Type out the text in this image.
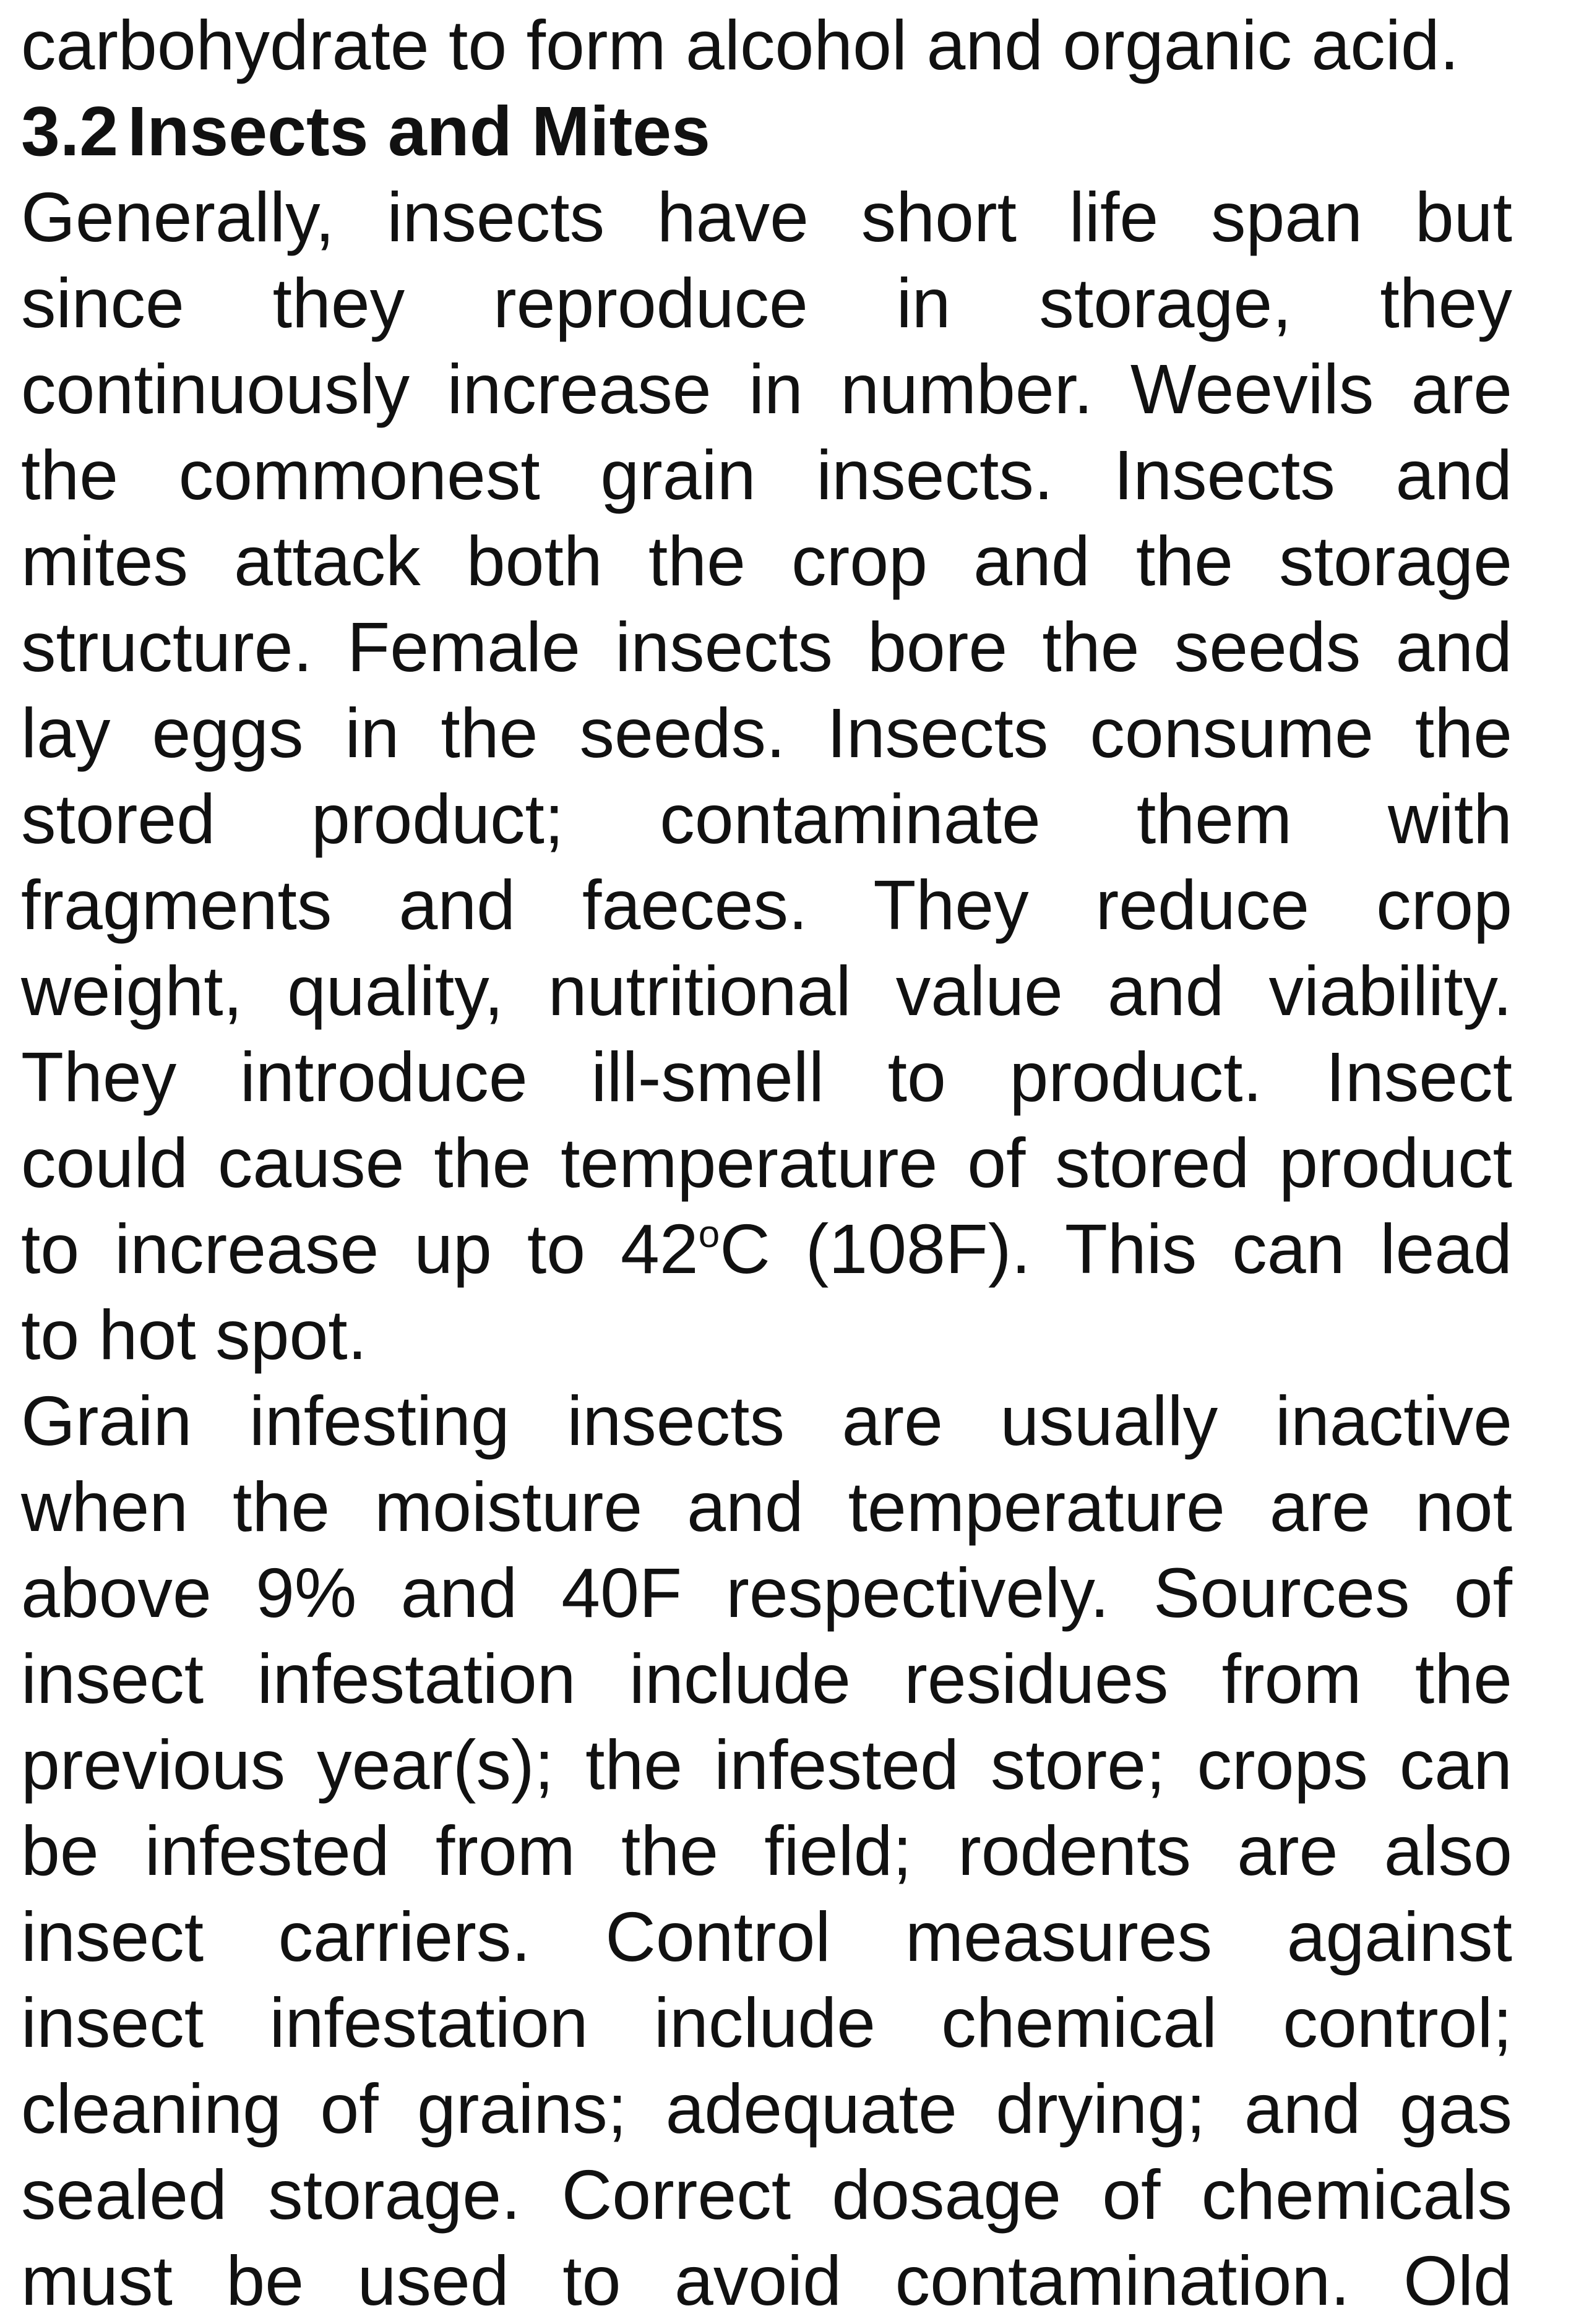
carbohydrate to form alcohol and organic acid.
3.2 Insects and Mites
Generally, insects have short life span but
since they reproduce in storage, they
continuously increase in number. Weevils are
the commonest grain insects. Insects and
mites attack both the crop and the storage
structure. Female insects bore the seeds and
lay eggs in the seeds. Insects consume the
stored product; contaminate them with
fragments and faeces. They reduce crop
weight, quality, nutritional value and viability.
They introduce ill-smell to product. Insect
could cause the temperature of stored product
to increase up to 42$^o$C (108F). This can lead
to hot spot.
Grain infesting insects are usually inactive
when the moisture and temperature are not
above 9% and 40F respectively. Sources of
insect infestation include residues from the
previous year(s); the infested store; crops can
be infested from the field; rodents are also
insect carriers. Control measures against
insect infestation include chemical control;
cleaning of grains; adequate drying; and gas
sealed storage. Correct dosage of chemicals
must be used to avoid contamination. Old
